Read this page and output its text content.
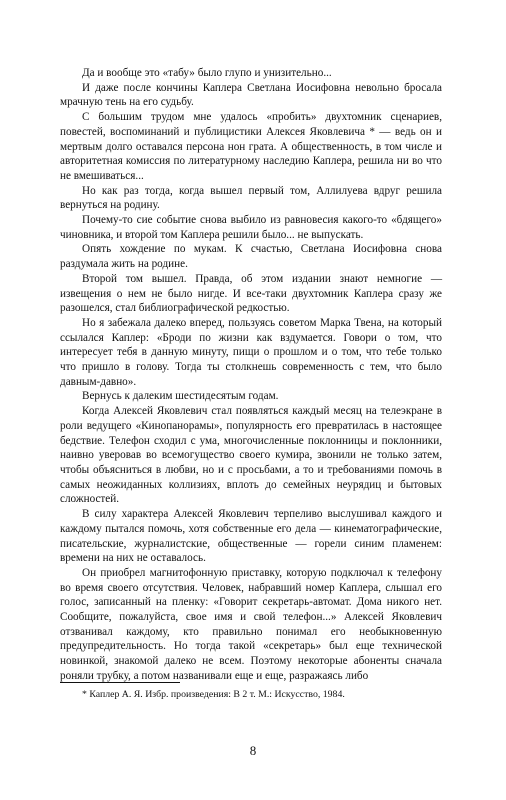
Да и вообще это «табу» было глупо и унизительно...

И даже после кончины Каплера Светлана Иосифовна невольно бросала мрачную тень на его судьбу.

С большим трудом мне удалось «пробить» двухтомник сценариев, повестей, воспоминаний и публицистики Алексея Яковлевича * — ведь он и мертвым долго оставался персона нон грата. А общественность, в том числе и авторитетная комиссия по литературному наследию Каплера, решила ни во что не вмешиваться...

Но как раз тогда, когда вышел первый том, Аллилуева вдруг решила вернуться на родину.

Почему-то сие событие снова выбило из равновесия какого-то «бдящего» чиновника, и второй том Каплера решили было... не выпускать.

Опять хождение по мукам. К счастью, Светлана Иосифовна снова раздумала жить на родине.

Второй том вышел. Правда, об этом издании знают немногие — извещения о нем не было нигде. И все-таки двухтомник Каплера сразу же разошелся, стал библиографической редкостью.

Но я забежала далеко вперед, пользуясь советом Марка Твена, на который ссылался Каплер: «Броди по жизни как вздумается. Говори о том, что интересует тебя в данную минуту, пищи о прошлом и о том, что тебе только что пришло в голову. Тогда ты столкнешь современность с тем, что было давным-давно».

Вернусь к далеким шестидесятым годам.

Когда Алексей Яковлевич стал появляться каждый месяц на телеэкране в роли ведущего «Кинопанорамы», популярность его превратилась в настоящее бедствие. Телефон сходил с ума, многочисленные поклонницы и поклонники, наивно уверовав во всемогущество своего кумира, звонили не только затем, чтобы объясниться в любви, но и с просьбами, а то и требованиями помочь в самых неожиданных коллизиях, вплоть до семейных неурядиц и бытовых сложностей.

В силу характера Алексей Яковлевич терпеливо выслушивал каждого и каждому пытался помочь, хотя собственные его дела — кинематографические, писательские, журналистские, общественные — горели синим пламенем: времени на них не оставалось.

Он приобрел магнитофонную приставку, которую подключал к телефону во время своего отсутствия. Человек, набравший номер Каплера, слышал его голос, записанный на пленку: «Говорит секретарь-автомат. Дома никого нет. Сообщите, пожалуйста, свое имя и свой телефон...» Алексей Яковлевич отзванивал каждому, кто правильно понимал его необыкновенную предупредительность. Но тогда такой «секретарь» был еще технической новинкой, знакомой далеко не всем. Поэтому некоторые абоненты сначала роняли трубку, а потом названивали еще и еще, разражаясь либо

* Каплер А. Я. Избр. произведения: В 2 т. М.: Искусство, 1984.

8
